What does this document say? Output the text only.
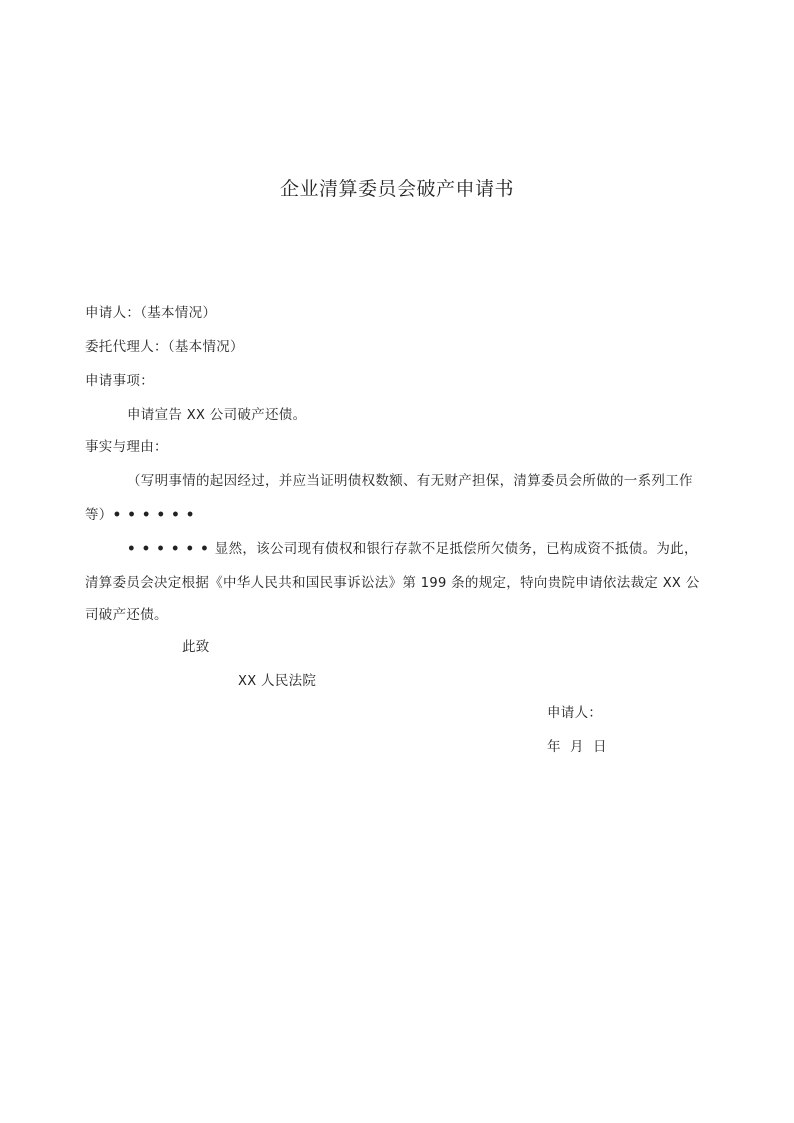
企业清算委员会破产申请书
申请人：（基本情况）
委托代理人：（基本情况）
申请事项：
申请宣告 XX 公司破产还债。
事实与理由：
（写明事情的起因经过，并应当证明债权数额、有无财产担保，清算委员会所做的一系列工作
等）••••••
••••••显然，该公司现有债权和银行存款不足抵偿所欠债务，已构成资不抵债。为此，
清算委员会决定根据《中华人民共和国民事诉讼法》第 199 条的规定，特向贵院申请依法裁定 XX 公
司破产还债。
此致
XX 人民法院
申请人：
年  月  日
